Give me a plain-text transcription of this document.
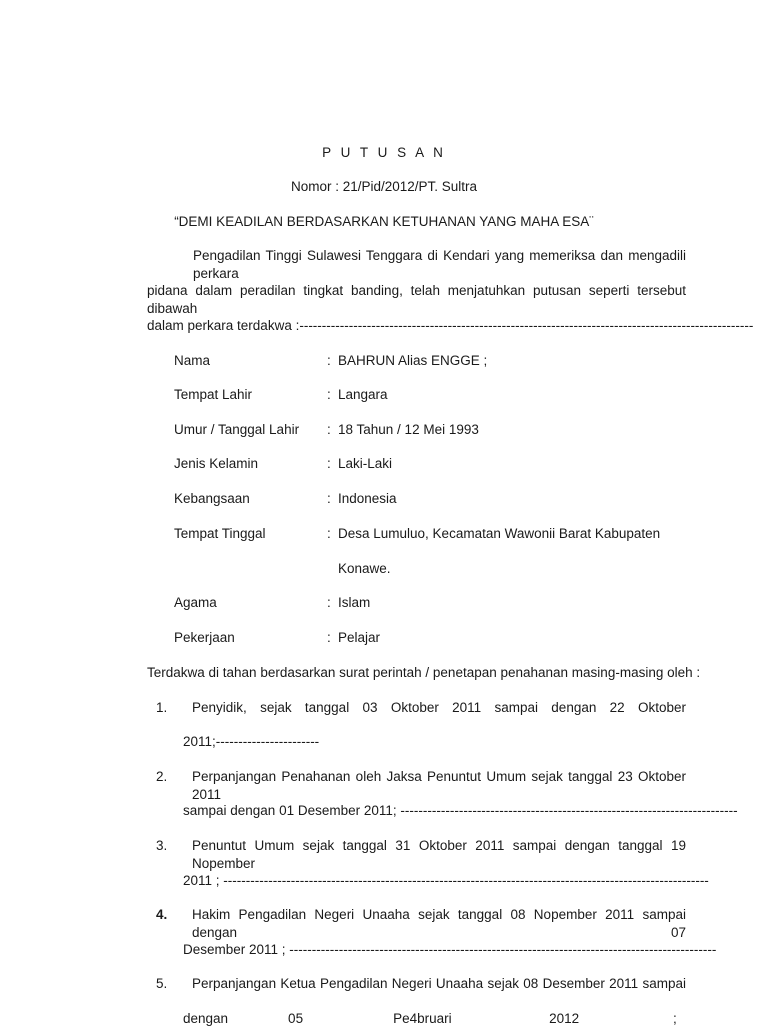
P U T U S A N
Nomor : 21/Pid/2012/PT. Sultra
“DEMI KEADILAN BERDASARKAN KETUHANAN YANG MAHA ESA¨
Pengadilan Tinggi Sulawesi Tenggara di Kendari yang memeriksa dan mengadili perkara
pidana dalam peradilan tingkat banding, telah menjatuhkan putusan seperti tersebut dibawah
dalam perkara terdakwa :-----------------------------------------------------------------------------------------------------
Nama	: BAHRUN Alias ENGGE ;
Tempat Lahir	: Langara
Umur / Tanggal Lahir : 18 Tahun / 12 Mei 1993
Jenis Kelamin	: Laki-Laki
Kebangsaan	: Indonesia
Tempat Tinggal	: Desa Lumuluo, Kecamatan Wawonii Barat Kabupaten
Konawe.
Agama	: Islam
Pekerjaan	: Pelajar
Terdakwa di tahan berdasarkan surat perintah / penetapan penahanan masing-masing oleh :
1. Penyidik, sejak tanggal 03 Oktober 2011 sampai dengan 22 Oktober
2011;-----------------------
2. Perpanjangan Penahanan oleh Jaksa Penuntut Umum sejak tanggal 23 Oktober 2011
sampai dengan 01 Desember 2011; ---------------------------------------------------------------------------
3. Penuntut Umum sejak tanggal 31 Oktober 2011 sampai dengan tanggal 19 Nopember
2011 ; ------------------------------------------------------------------------------------------------------------
4. Hakim Pengadilan Negeri Unaaha sejak tanggal 08 Nopember 2011 sampai dengan 07
Desember 2011 ; -----------------------------------------------------------------------------------------------
5. Perpanjangan Ketua Pengadilan Negeri Unaaha sejak 08 Desember 2011 sampai
dengan                05                        Pe4bruari                          2012                         ;
